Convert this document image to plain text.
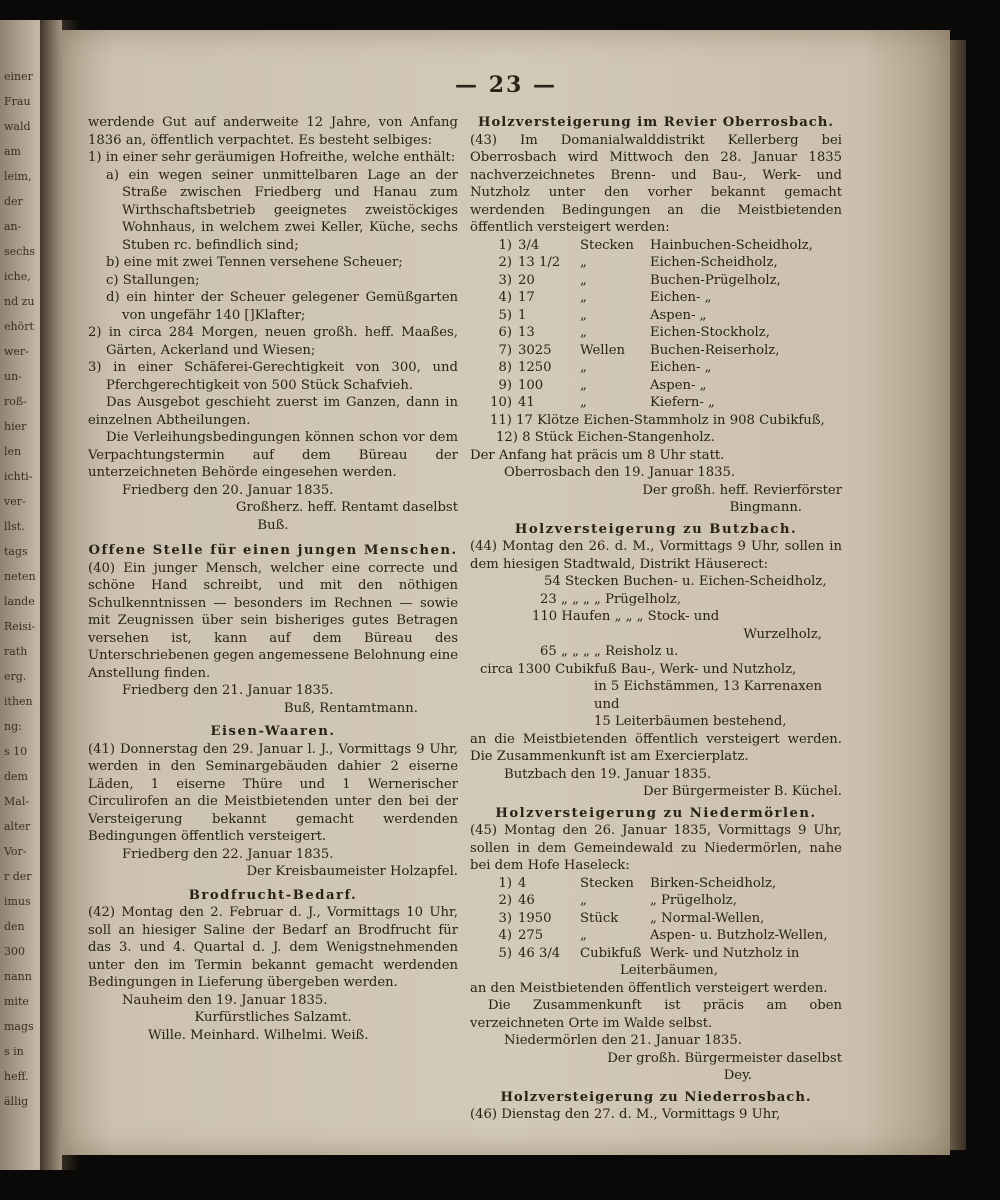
einer
Frau
wald
am
leim,
der
an-
sechs
iche,
nd zu
ehört
wer-
un-
roß-
hier
len
ichti-
ver-
llst.
tags
neten
lande
Reisi-
rath
erg.
ithen
ng:
s 10
dem
Mal-
alter
Vor-
r der
imus
den
300
nann
mite
mags
s in
heff.
ällig
— 23 —

werdende Gut auf anderweite 12 Jahre, von Anfang 1836 an, öffentlich verpachtet. Es besteht selbiges:

1) in einer sehr geräumigen Hofreithe, welche enthält:

a) ein wegen seiner unmittelbaren Lage an der Straße zwischen Friedberg und Hanau zum Wirthschaftsbetrieb geeignetes zweistöckiges Wohnhaus, in welchem zwei Keller, Küche, sechs Stuben rc. befindlich sind;

b) eine mit zwei Tennen versehene Scheuer;

c) Stallungen;

d) ein hinter der Scheuer gelegener Gemüßgarten von ungefähr 140 []Klafter;

2) in circa 284 Morgen, neuen großh. heff. Maaßes, Gärten, Ackerland und Wiesen;

3) in einer Schäferei-Gerechtigkeit von 300, und Pferchgerechtigkeit von 500 Stück Schafvieh.

Das Ausgebot geschieht zuerst im Ganzen, dann in einzelnen Abtheilungen.

Die Verleihungsbedingungen können schon vor dem Verpachtungstermin auf dem Büreau der unterzeichneten Behörde eingesehen werden.

Friedberg den 20. Januar 1835.

Großherz. heff. Rentamt daselbst

Buß.

Offene Stelle für einen jungen Menschen.

(40) Ein junger Mensch, welcher eine correcte und schöne Hand schreibt, und mit den nöthigen Schulkenntnissen — besonders im Rechnen — sowie mit Zeugnissen über sein bisheriges gutes Betragen versehen ist, kann auf dem Büreau des Unterschriebenen gegen angemessene Belohnung eine Anstellung finden.

Friedberg den 21. Januar 1835.

Buß, Rentamtmann.

Eisen-Waaren.

(41) Donnerstag den 29. Januar l. J., Vormittags 9 Uhr, werden in den Seminargebäuden dahier 2 eiserne Läden, 1 eiserne Thüre und 1 Wernerischer Circulirofen an die Meistbietenden unter den bei der Versteigerung bekannt gemacht werdenden Bedingungen öffentlich versteigert.

Friedberg den 22. Januar 1835.

Der Kreisbaumeister Holzapfel.

Brodfrucht-Bedarf.

(42) Montag den 2. Februar d. J., Vormittags 10 Uhr, soll an hiesiger Saline der Bedarf an Brodfrucht für das 3. und 4. Quartal d. J. dem Wenigstnehmenden unter den im Termin bekannt gemacht werdenden Bedingungen in Lieferung übergeben werden.

Nauheim den 19. Januar 1835.

Kurfürstliches Salzamt.

Wille. Meinhard. Wilhelmi. Weiß.

Holzversteigerung im Revier Oberrosbach.

(43) Im Domanialwalddistrikt Kellerberg bei Oberrosbach wird Mittwoch den 28. Januar 1835 nachverzeichnetes Brenn- und Bau-, Werk- und Nutzholz unter den vorher bekannt gemacht werdenden Bedingungen an die Meistbietenden öffentlich versteigert werden:

1) 3/4	Stecken	Hainbuchen-Scheidholz,
2) 13 1/2	„	Eichen-Scheidholz,
3) 20	„	Buchen-Prügelholz,
4) 17	„	Eichen- „
5) 1	„	Aspen- „
6) 13	„	Eichen-Stockholz,
7) 3025	Wellen	Buchen-Reiserholz,
8) 1250	„	Eichen- „
9) 100	„	Aspen- „
10) 41	„	Kiefern- „

11) 17 Klötze Eichen-Stammholz in 908 Cubikfuß,

12) 8 Stück Eichen-Stangenholz.

Der Anfang hat präcis um 8 Uhr statt.

Oberrosbach den 19. Januar 1835.

Der großh. heff. Revierförster

Bingmann.

Holzversteigerung zu Butzbach.

(44) Montag den 26. d. M., Vormittags 9 Uhr, sollen in dem hiesigen Stadtwald, Distrikt Häuserect:

54 Stecken Buchen- u. Eichen-Scheidholz,

23 „ „ „ „ Prügelholz,

110 Haufen „ „ „ Stock- und

Wurzelholz,

65 „ „ „ „ Reisholz u.

circa 1300 Cubikfuß Bau-, Werk- und Nutzholz,

in 5 Eichstämmen, 13 Karrenaxen und

15 Leiterbäumen bestehend,

an die Meistbietenden öffentlich versteigert werden. Die Zusammenkunft ist am Exercierplatz.

Butzbach den 19. Januar 1835.

Der Bürgermeister B. Küchel.

Holzversteigerung zu Niedermörlen.

(45) Montag den 26. Januar 1835, Vormittags 9 Uhr, sollen in dem Gemeindewald zu Niedermörlen, nahe bei dem Hofe Haseleck:

1) 4	Stecken	Birken-Scheidholz,
2) 46	„	„ Prügelholz,
3) 1950	Stück	„ Normal-Wellen,
4) 275	„	Aspen- u. Butzholz-Wellen,
5) 46 3/4	Cubikfuß Werk- und Nutzholz in

Leiterbäumen,

an den Meistbietenden öffentlich versteigert werden.

Die Zusammenkunft ist präcis am oben verzeichneten Orte im Walde selbst.

Niedermörlen den 21. Januar 1835.

Der großh. Bürgermeister daselbst

Dey.

Holzversteigerung zu Niederrosbach.

(46) Dienstag den 27. d. M., Vormittags 9 Uhr,
